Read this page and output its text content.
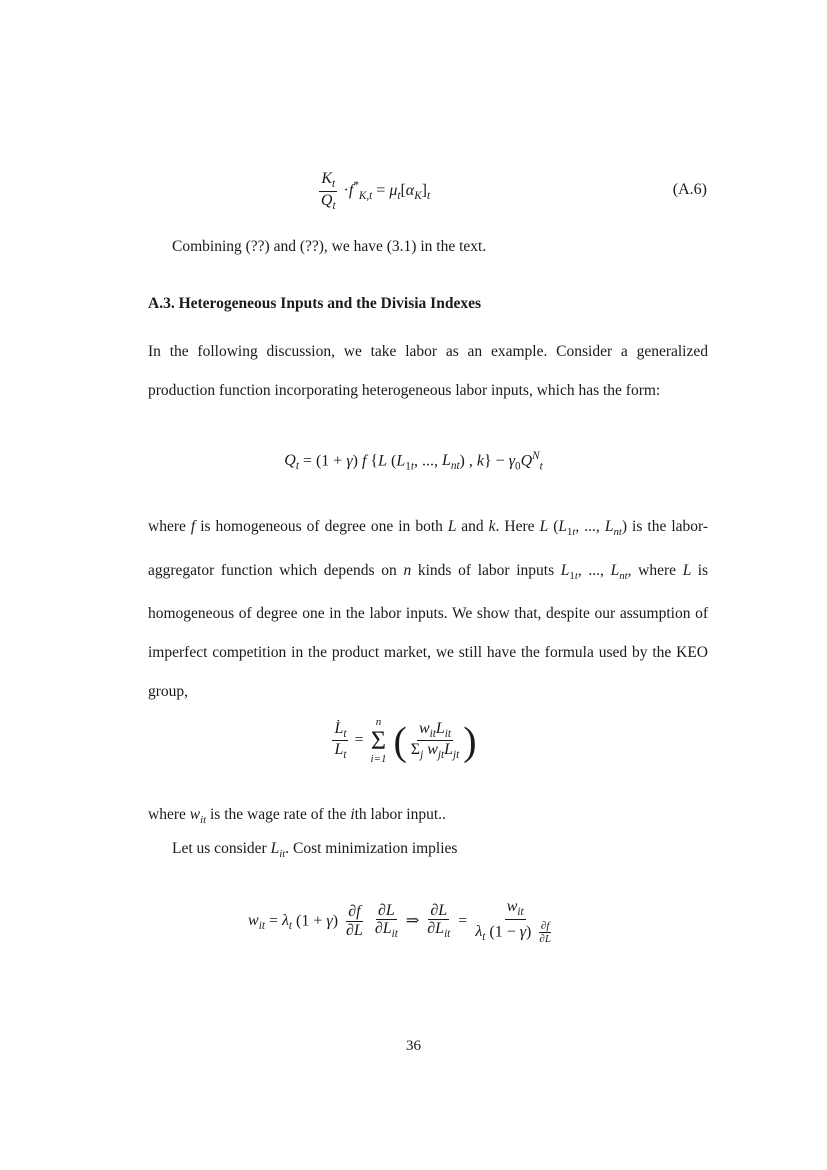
$\frac{K_t}{Q_t} \cdot f^*_{K,t} = \mu_t[\alpha_K]_t$	(A.6)
Combining (??) and (??), we have (3.1) in the text.
A.3. Heterogeneous Inputs and the Divisia Indexes
In the following discussion, we take labor as an example. Consider a generalized production function incorporating heterogeneous labor inputs, which has the form:
$Q_t = (1 + \gamma)$ f {L ($L_{1t}$, ..., $L_{nt}$) , $k\} - \gamma_0Q^N_t$
where f is homogeneous of degree one in both L and k. Here L ($L_{1t}$, ..., $L_{nt}$) is the labor-aggregator function which depends on n kinds of labor inputs $L_{1t}$, ..., $L_{nt}$, where L is homogeneous of degree one in the labor inputs. We show that, despite our assumption of imperfect competition in the product market, we still have the formula used by the KEO group,
$\frac{L̇_t}{L_t}$ =
n
Σ
i=1 ( $\frac{w_{it}L_{it}}{\Sigma_j w_{jt}L_{jt}}$ )
where $w_{it}$ is the wage rate of the ith labor input..
Let us consider $L_{it}$. Cost minimization implies
$w_{it} = \lambda_t$ $(1 + \gamma) \frac{\partial f}{\partial L}$
$\frac{\partial L}{\partial L_{it}}$ ⇒ $\frac{\partial L}{\partial L_{it}} = \frac{w_{it}}{\lambda_t (1 - \gamma) \frac{\partial f}{\partial L}}$
36
